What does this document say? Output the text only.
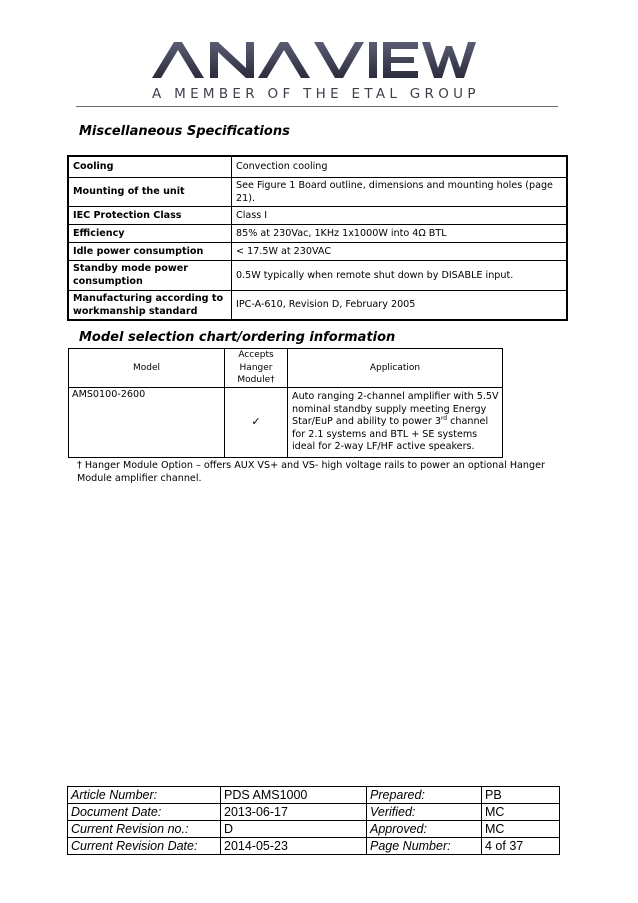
A MEMBER OF THE ETAL GROUP
Miscellaneous Specifications
Cooling	Convection cooling
Mounting of the unit	See Figure 1 Board outline, dimensions and mounting holes (page 21).
IEC Protection Class	Class I
Efficiency	85% at 230Vac, 1KHz 1x1000W into 4Ω BTL
Idle power consumption	< 17.5W at 230VAC
Standby mode power consumption	0.5W typically when remote shut down by DISABLE input.
Manufacturing according to workmanship standard	IPC-A-610, Revision D, February 2005
Model selection chart/ordering information
Model	Accepts Hanger Module†	Application
AMS0100-2600	✓	Auto ranging 2-channel amplifier with 5.5V nominal standby supply meeting Energy Star/EuP and ability to power 3rd channel for 2.1 systems and BTL + SE systems ideal for 2-way LF/HF active speakers.

† Hanger Module Option – offers AUX VS+ and VS- high voltage rails to power an optional Hanger Module amplifier channel.

Article Number:	PDS AMS1000	Prepared:	PB
Document Date:	2013-06-17	Verified:	MC
Current Revision no.:	D	Approved:	MC
Current Revision Date:	2014-05-23	Page Number:	4 of 37
